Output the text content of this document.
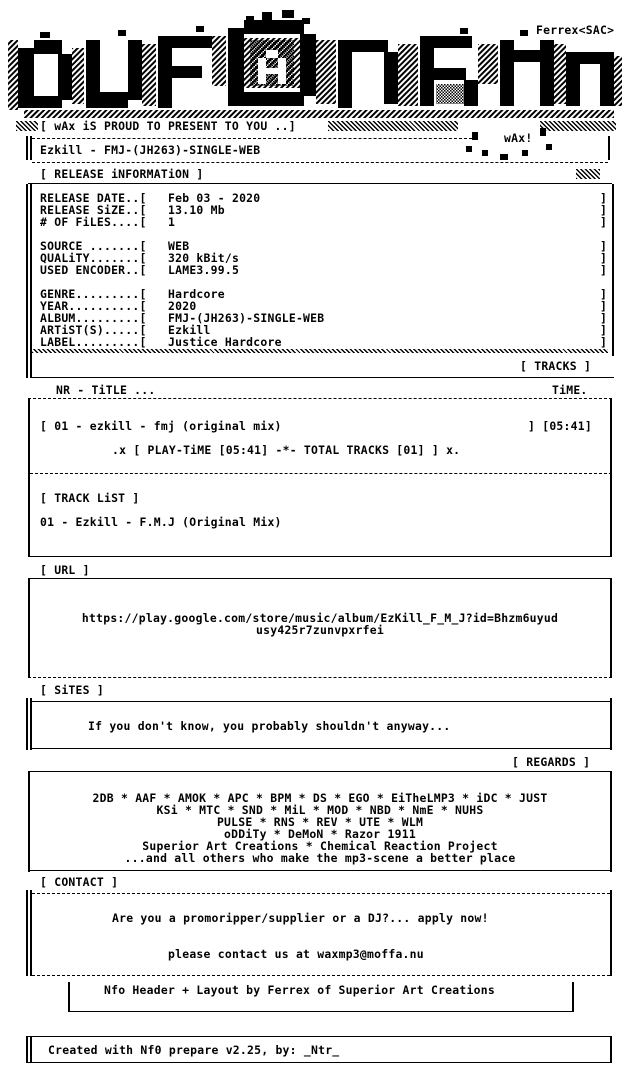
Ferrex<SAC>
[ wAx iS PROUD TO PRESENT TO YOU ..]
wAx!
Ezkill - FMJ-(JH263)-SINGLE-WEB
[ RELEASE iNFORMATiON ]
RELEASE DATE..[ Feb 03 - 2020
RELEASE SiZE..[ 13.10 Mb
# OF FiLES....[ 1
SOURCE .......[ WEB
QUALiTY.......[ 320 kBit/s
USED ENCODER..[ LAME3.99.5
GENRE.........[ Hardcore
YEAR..........[ 2020
ALBUM.........[ FMJ-(JH263)-SINGLE-WEB
ARTiST(S).....[ Ezkill
LABEL.........[ Justice Hardcore
]
]
]
]
]
]
]
]
]
]
]
[ TRACKS ]
NR - TiTLE ...	TiME.
[ 01 - ezkill - fmj (original mix)	] [05:41]
.x [ PLAY-TiME [05:41] -*- TOTAL TRACKS [01] ] x.
[ TRACK LiST ]
01 - Ezkill - F.M.J (Original Mix)
[ URL ]
https://play.google.com/store/music/album/EzKill_F_M_J?id=Bhzm6uyud
usy425r7zunvpxrfei
[ SiTES ]
If you don't know, you probably shouldn't anyway...
[ REGARDS ]
2DB * AAF * AMOK * APC * BPM * DS * EGO * EiTheLMP3 * iDC * JUST
KSi * MTC * SND * MiL * MOD * NBD * NmE * NUHS
PULSE * RNS * REV * UTE * WLM
oDDiTy * DeMoN * Razor 1911
Superior Art Creations * Chemical Reaction Project
...and all others who make the mp3-scene a better place
[ CONTACT ]
Are you a promoripper/supplier or a DJ?... apply now!
please contact us at waxmp3@moffa.nu
Nfo Header + Layout by Ferrex of Superior Art Creations
Created with Nf0 prepare v2.25, by: _Ntr_
